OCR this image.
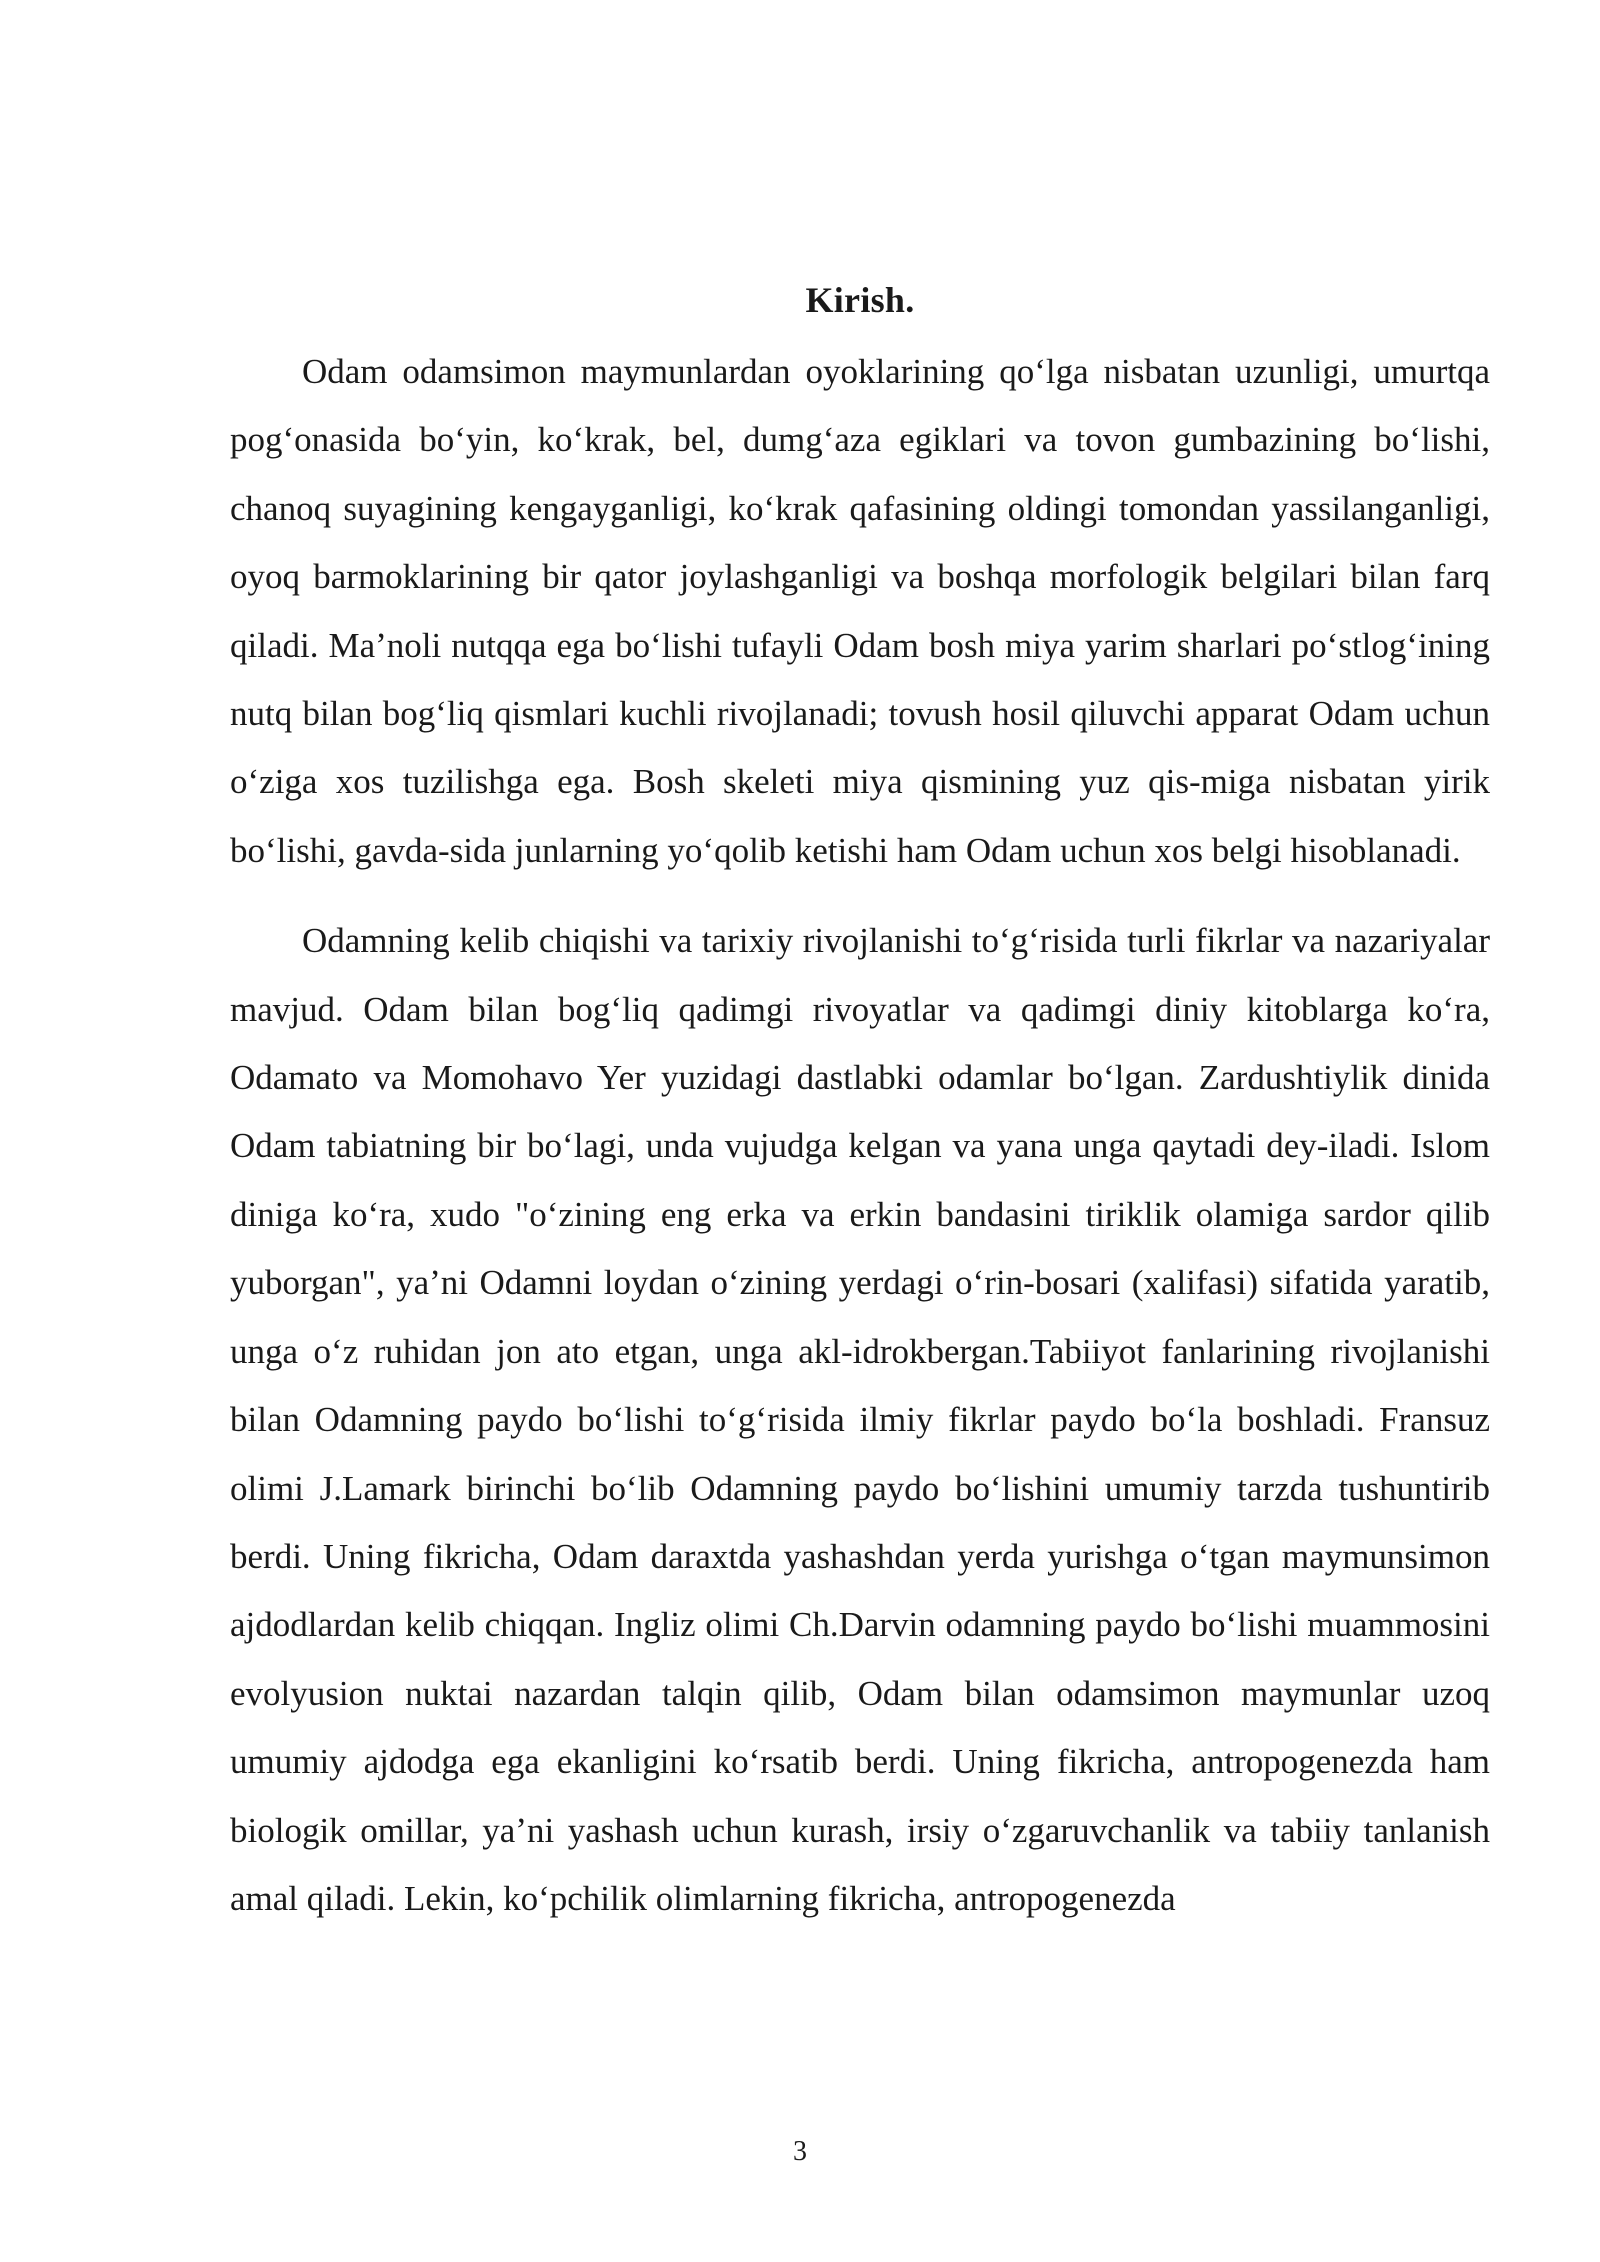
Kirish.

Odam odamsimon maymunlardan oyoklarining qoʻlga nisbatan uzunligi, umurtqa pogʻonasida boʻyin, koʻkrak, bel, dumgʻaza egiklari va tovon gumbazining boʻlishi, chanoq suyagining kengayganligi, koʻkrak qafasining oldingi tomondan yassilanganligi, oyoq barmoklarining bir qator joylashganligi va boshqa morfologik belgilari bilan farq qiladi. Maʼnoli nutqqa ega boʻlishi tufayli Odam bosh miya yarim sharlari poʻstlogʻining nutq bilan bogʻliq qismlari kuchli rivojlanadi; tovush hosil qiluvchi apparat Odam uchun oʻziga xos tuzilishga ega. Bosh skeleti miya qismining yuz qis-miga nisbatan yirik boʻlishi, gavda-sida junlarning yoʻqolib ketishi ham Odam uchun xos belgi hisoblanadi.

Odamning kelib chiqishi va tarixiy rivojlanishi toʻgʻrisida turli fikrlar va nazariyalar mavjud. Odam bilan bogʻliq qadimgi rivoyatlar va qadimgi diniy kitoblarga koʻra, Odamato va Momohavo Yer yuzidagi dastlabki odamlar boʻlgan. Zardushtiylik dinida Odam tabiatning bir boʻlagi, unda vujudga kelgan va yana unga qaytadi dey-iladi. Islom diniga koʻra, xudo "oʻzining eng erka va erkin bandasini tiriklik olamiga sardor qilib yuborgan", yaʼni Odamni loydan oʻzining yerdagi oʻrin-bosari (xalifasi) sifatida yaratib, unga oʻz ruhidan jon ato etgan, unga akl-idrokbergan.Tabiiyot fanlarining rivojlanishi bilan Odamning paydo boʻlishi toʻgʻrisida ilmiy fikrlar paydo boʻla boshladi. Fransuz olimi J.Lamark birinchi boʻlib Odamning paydo boʻlishini umumiy tarzda tushuntirib berdi. Uning fikricha, Odam daraxtda yashashdan yerda yurishga oʻtgan maymunsimon ajdodlardan kelib chiqqan. Ingliz olimi Ch.Darvin odamning paydo boʻlishi muammosini evolyusion nuktai nazardan talqin qilib, Odam bilan odamsimon maymunlar uzoq umumiy ajdodga ega ekanligini koʻrsatib berdi. Uning fikricha, antropogenezda ham biologik omillar, yaʼni yashash uchun kurash, irsiy oʻzgaruvchanlik va tabiiy tanlanish amal qiladi. Lekin, koʻpchilik olimlarning fikricha, antropogenezda

3
